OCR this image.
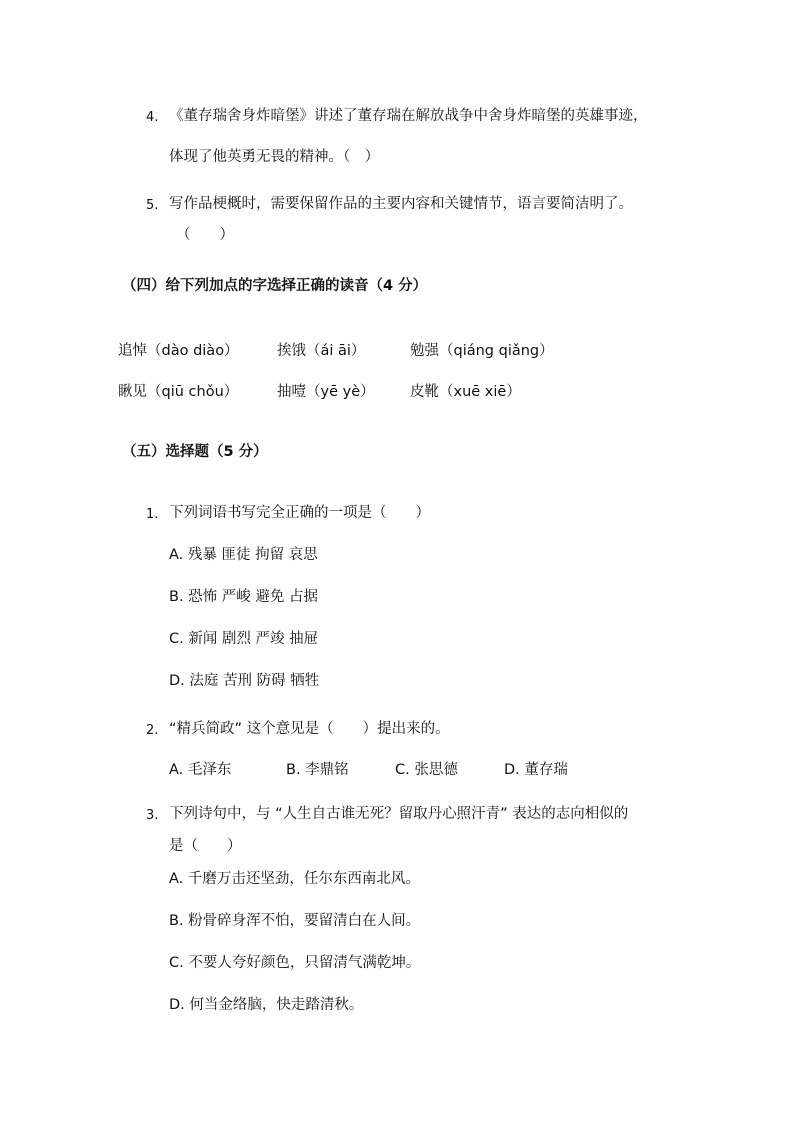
4. 《董存瑞舍身炸暗堡》讲述了董存瑞在解放战争中舍身炸暗堡的英雄事迹，
体现了他英勇无畏的精神。（　）
5. 写作品梗概时，需要保留作品的主要内容和关键情节，语言要简洁明了。
（　　）
（四）给下列加点的字选择正确的读音（4 分）
追悼（dào diào）	挨饿（ái āi）	勉强（qiáng qiǎng）
瞅见（qiū chǒu）	抽噎（yē yè） 皮靴（xuē xiē）
（五）选择题（5 分）
1. 下列词语书写完全正确的一项是（　　）
A. 残暴 匪徒 拘留 哀思
B. 恐怖 严峻 避免 占据
C. 新闻 剧烈 严竣 抽屉
D. 法庭 苦刑 防碍 牺牲
2. “精兵简政” 这个意见是（　　）提出来的。
A. 毛泽东	B. 李鼎铭	C. 张思德	D. 董存瑞
3. 下列诗句中，与 “人生自古谁无死？留取丹心照汗青” 表达的志向相似的
是（　　）
A. 千磨万击还坚劲，任尔东西南北风。
B. 粉骨碎身浑不怕，要留清白在人间。
C. 不要人夸好颜色，只留清气满乾坤。
D. 何当金络脑，快走踏清秋。
